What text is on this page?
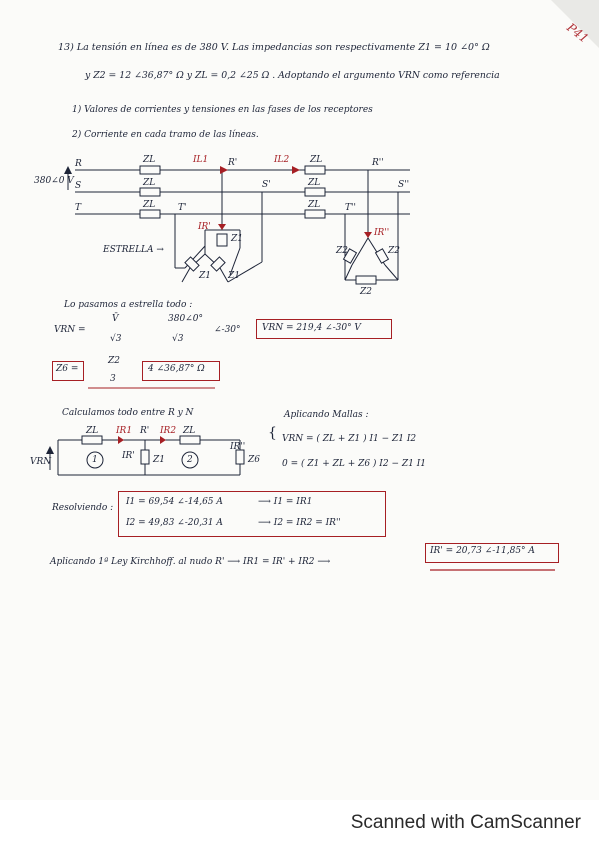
P41
13) La tensión en línea es de 380 V. Las impedancias son respectivamente Z1 = 10 ∠0° Ω
y Z2 = 12 ∠36,87° Ω y ZL = 0,2 ∠25 Ω . Adoptando el argumento VRN como referencia
1) Valores de corrientes y tensiones en las fases de los receptores
2) Corriente en cada tramo de las líneas.
380∠0 V
R
S
T
ZL
ZL
ZL
ZL
ZL
ZL
IL1	IL2
R'
S'
T'
R''
S''
T''
IR'
IR''
Z1
Z1 Z1
Z2	Z2
Z2
ESTRELLA →
Lo pasamos a estrella todo :
VRN =
V̄
√3
380∠0°
√3
∠-30° VRN = 219,4 ∠-30° V
Z6 =
Z2
3
4 ∠36,87° Ω
Calculamos todo entre R y N	Aplicando Mallas :
ZL IR1 R' IR2 ZL
IR' Z1
IR''
Z6
VRN	1	2
{ VRN = ( ZL + Z1 ) I1 − Z1 I2
0 = ( Z1 + ZL + Z6 ) I2 − Z1 I1
Resolviendo :
I1 = 69,54 ∠-14,65 A	⟶ I1 = IR1
I2 = 49,83 ∠-20,31 A	⟶ I2 = IR2 = IR''
Aplicando 1ª Ley Kirchhoff. al nudo R' ⟶ IR1 = IR' + IR2 ⟶
IR' = 20,73 ∠-11,85° A
Scanned with CamScanner
